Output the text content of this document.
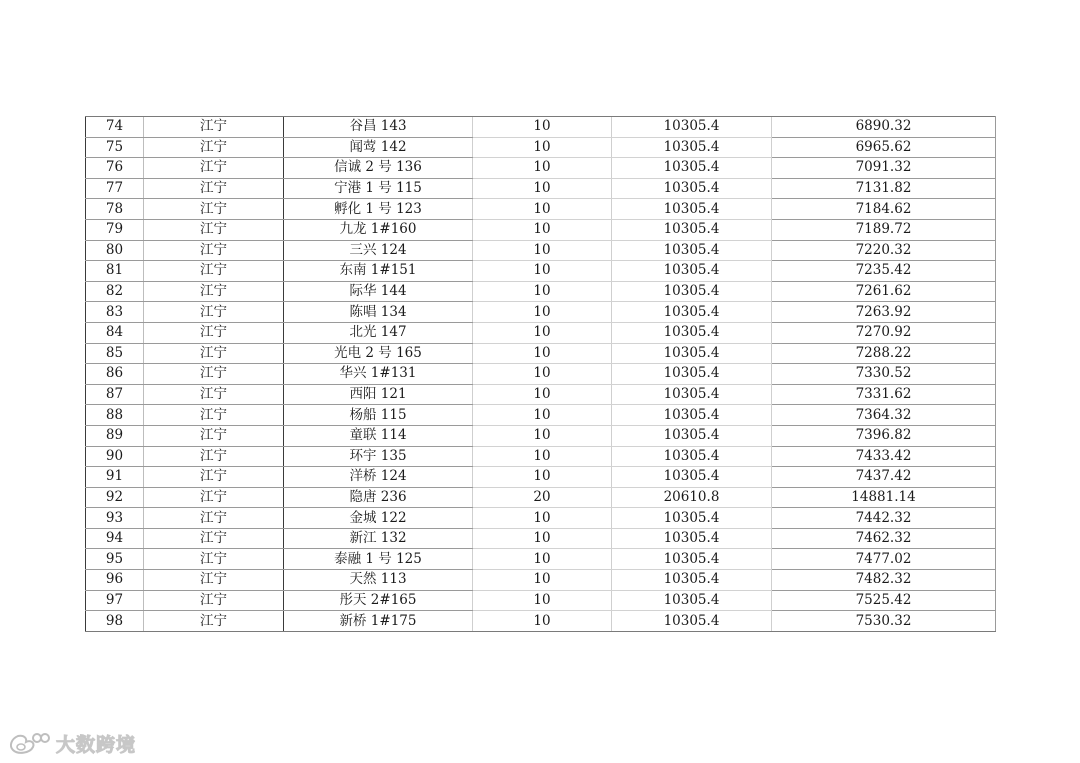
74	江宁	谷昌 143	10	10305.4	6890.32
75	江宁	闻莺 142	10	10305.4	6965.62
76	江宁	信诚 2 号 136	10	10305.4	7091.32
77	江宁	宁港 1 号 115	10	10305.4	7131.82
78	江宁	孵化 1 号 123	10	10305.4	7184.62
79	江宁	九龙 1#160	10	10305.4	7189.72
80	江宁	三兴 124	10	10305.4	7220.32
81	江宁	东南 1#151	10	10305.4	7235.42
82	江宁	际华 144	10	10305.4	7261.62
83	江宁	陈唱 134	10	10305.4	7263.92
84	江宁	北光 147	10	10305.4	7270.92
85	江宁	光电 2 号 165	10	10305.4	7288.22
86	江宁	华兴 1#131	10	10305.4	7330.52
87	江宁	西阳 121	10	10305.4	7331.62
88	江宁	杨船 115	10	10305.4	7364.32
89	江宁	童联 114	10	10305.4	7396.82
90	江宁	环宇 135	10	10305.4	7433.42
91	江宁	洋桥 124	10	10305.4	7437.42
92	江宁	隐唐 236	20	20610.8	14881.14
93	江宁	金城 122	10	10305.4	7442.32
94	江宁	新江 132	10	10305.4	7462.32
95	江宁	泰融 1 号 125	10	10305.4	7477.02
96	江宁	天然 113	10	10305.4	7482.32
97	江宁	彤天 2#165	10	10305.4	7525.42
98	江宁	新桥 1#175	10	10305.4	7530.32
大数跨境
